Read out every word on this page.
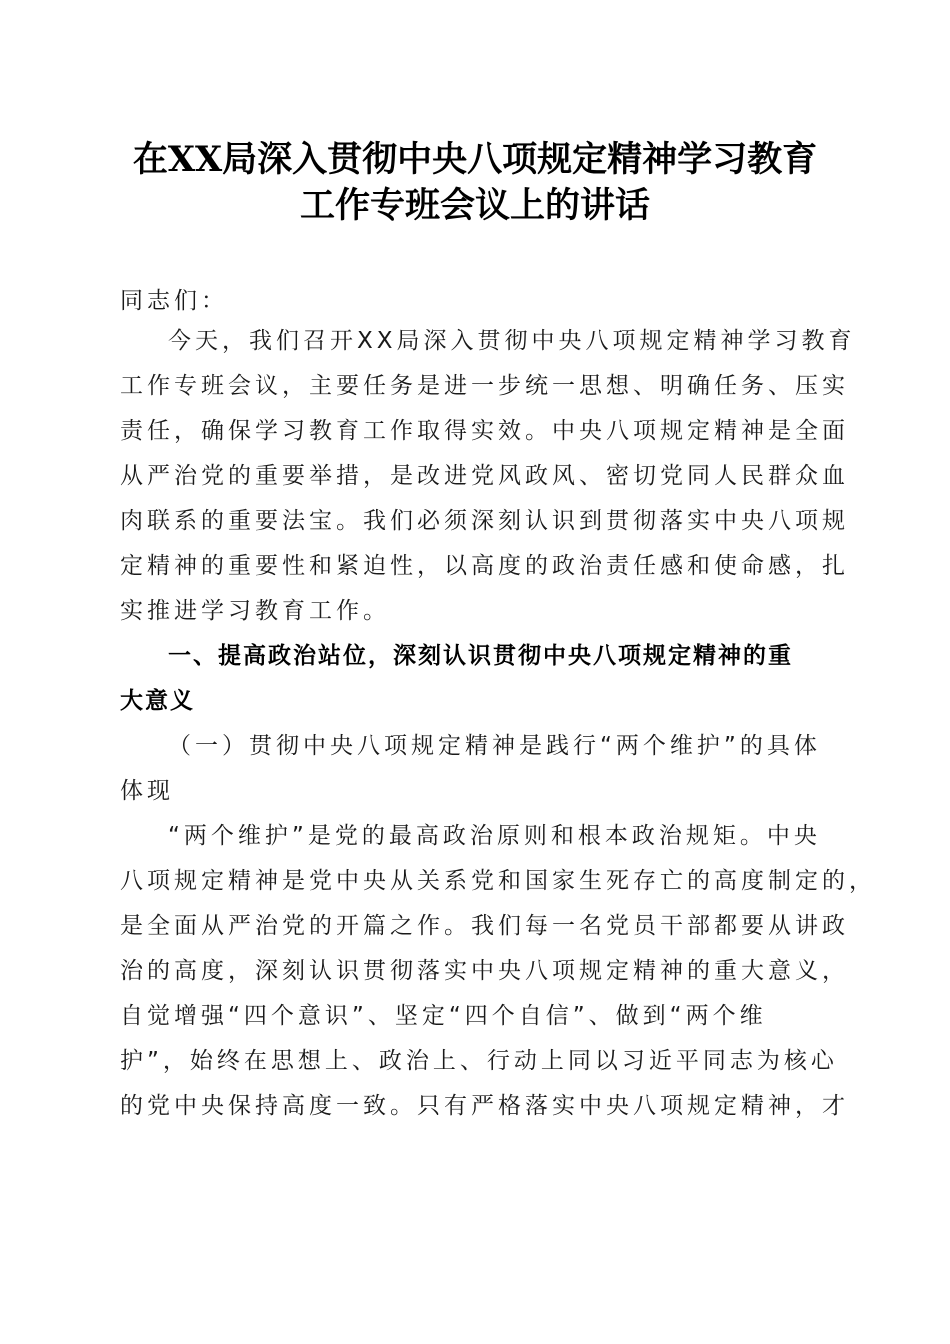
在XX局深入贯彻中央八项规定精神学习教育
工作专班会议上的讲话
同志们：
今天，我们召开XX局深入贯彻中央八项规定精神学习教育
工作专班会议，主要任务是进一步统一思想、明确任务、压实
责任，确保学习教育工作取得实效。中央八项规定精神是全面
从严治党的重要举措，是改进党风政风、密切党同人民群众血
肉联系的重要法宝。我们必须深刻认识到贯彻落实中央八项规
定精神的重要性和紧迫性，以高度的政治责任感和使命感，扎
实推进学习教育工作。
一、提高政治站位，深刻认识贯彻中央八项规定精神的重
大意义
（一）贯彻中央八项规定精神是践行“两个维护”的具体
体现
“两个维护”是党的最高政治原则和根本政治规矩。中央
八项规定精神是党中央从关系党和国家生死存亡的高度制定的，
是全面从严治党的开篇之作。我们每一名党员干部都要从讲政
治的高度，深刻认识贯彻落实中央八项规定精神的重大意义，
自觉增强“四个意识”、坚定“四个自信”、做到“两个维
护”，始终在思想上、政治上、行动上同以习近平同志为核心
的党中央保持高度一致。只有严格落实中央八项规定精神，才
